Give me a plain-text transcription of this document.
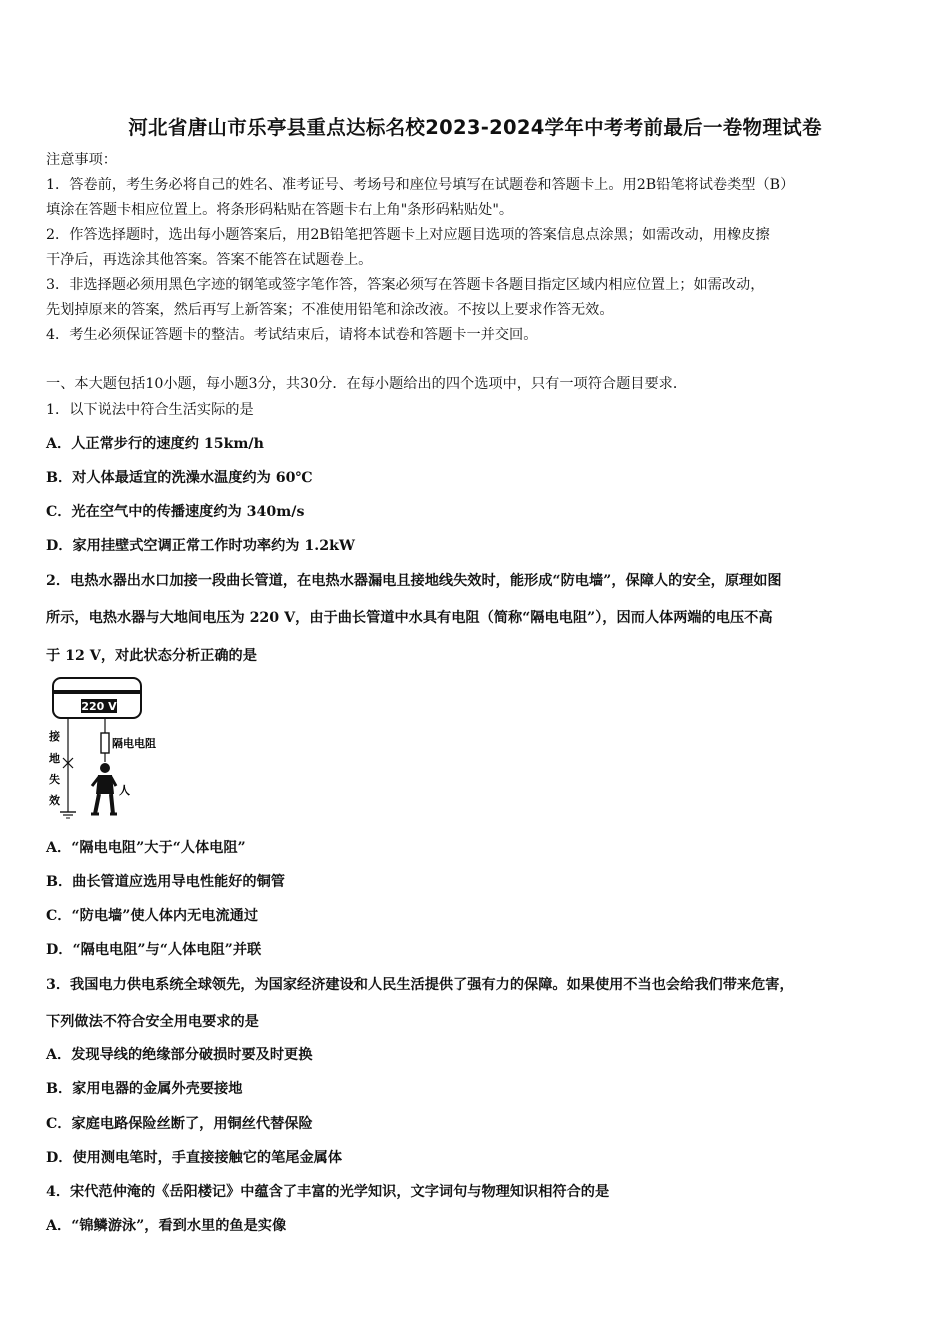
河北省唐山市乐亭县重点达标名校2023-2024学年中考考前最后一卷物理试卷
注意事项：
1．答卷前，考生务必将自己的姓名、准考证号、考场号和座位号填写在试题卷和答题卡上。用2B铅笔将试卷类型（B）
填涂在答题卡相应位置上。将条形码粘贴在答题卡右上角"条形码粘贴处"。
2．作答选择题时，选出每小题答案后，用2B铅笔把答题卡上对应题目选项的答案信息点涂黑；如需改动，用橡皮擦
干净后，再选涂其他答案。答案不能答在试题卷上。
3．非选择题必须用黑色字迹的钢笔或签字笔作答，答案必须写在答题卡各题目指定区域内相应位置上；如需改动，
先划掉原来的答案，然后再写上新答案；不准使用铅笔和涂改液。不按以上要求作答无效。
4．考生必须保证答题卡的整洁。考试结束后，请将本试卷和答题卡一并交回。
一、本大题包括10小题，每小题3分，共30分．在每小题给出的四个选项中，只有一项符合题目要求．
1．以下说法中符合生活实际的是
A．人正常步行的速度约 15km/h
B．对人体最适宜的洗澡水温度约为 60℃
C．光在空气中的传播速度约为 340m/s
D．家用挂壁式空调正常工作时功率约为 1.2kW
2．电热水器出水口加接一段曲长管道，在电热水器漏电且接地线失效时，能形成“防电墙”，保障人的安全，原理如图
所示，电热水器与大地间电压为 220 V，由于曲长管道中水具有电阻（简称“隔电电阻”），因而人体两端的电压不高
于 12 V，对此状态分析正确的是
220 V
接
地
失
效
隔电电阻
人
A．“隔电电阻”大于“人体电阻”
B．曲长管道应选用导电性能好的铜管
C．“防电墙”使人体内无电流通过
D．“隔电电阻”与“人体电阻”并联
3．我国电力供电系统全球领先，为国家经济建设和人民生活提供了强有力的保障。如果使用不当也会给我们带来危害，
下列做法不符合安全用电要求的是
A．发现导线的绝缘部分破损时要及时更换
B．家用电器的金属外壳要接地
C．家庭电路保险丝断了，用铜丝代替保险
D．使用测电笔时，手直接接触它的笔尾金属体
4．宋代范仲淹的《岳阳楼记》中蕴含了丰富的光学知识，文字词句与物理知识相符合的是
A．“锦鳞游泳”，看到水里的鱼是实像
